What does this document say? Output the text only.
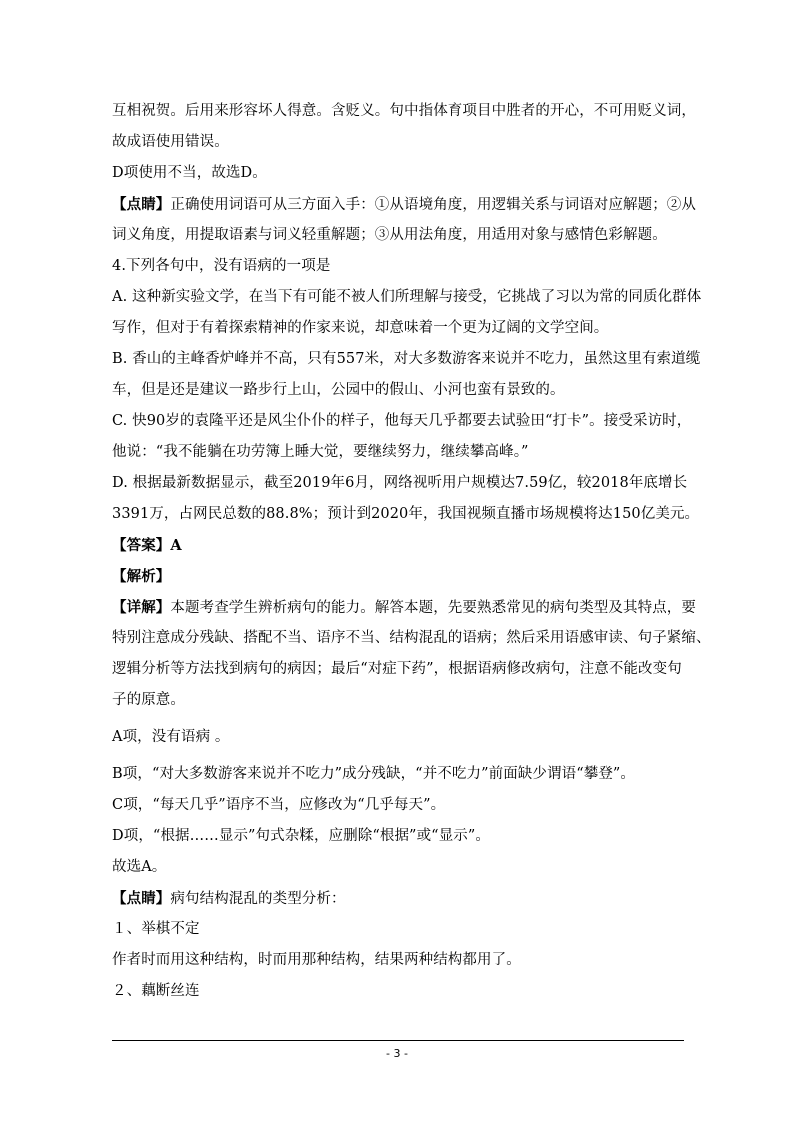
互相祝贺。后用来形容坏人得意。含贬义。句中指体育项目中胜者的开心，不可用贬义词，
故成语使用错误。
D项使用不当，故选D。
【点睛】正确使用词语可从三方面入手：①从语境角度，用逻辑关系与词语对应解题；②从
词义角度，用提取语素与词义轻重解题；③从用法角度，用适用对象与感情色彩解题。
4.下列各句中，没有语病的一项是
A. 这种新实验文学，在当下有可能不被人们所理解与接受，它挑战了习以为常的同质化群体
写作，但对于有着探索精神的作家来说，却意味着一个更为辽阔的文学空间。
B. 香山的主峰香炉峰并不高，只有557米，对大多数游客来说并不吃力，虽然这里有索道缆
车，但是还是建议一路步行上山，公园中的假山、小河也蛮有景致的。
C. 快90岁的袁隆平还是风尘仆仆的样子，他每天几乎都要去试验田“打卡”。接受采访时，
他说：“我不能躺在功劳簿上睡大觉，要继续努力，继续攀高峰。”
D. 根据最新数据显示，截至2019年6月，网络视听用户规模达7.59亿，较2018年底增长
3391万，占网民总数的88.8%；预计到2020年，我国视频直播市场规模将达150亿美元。
【答案】A
【解析】
【详解】本题考查学生辨析病句的能力。解答本题，先要熟悉常见的病句类型及其特点，要
特别注意成分残缺、搭配不当、语序不当、结构混乱的语病；然后采用语感审读、句子紧缩、
逻辑分析等方法找到病句的病因；最后“对症下药”，根据语病修改病句，注意不能改变句
子的原意。
A项，没有语病 。
B项，“对大多数游客来说并不吃力”成分残缺，“并不吃力”前面缺少谓语“攀登”。
C项，“每天几乎”语序不当，应修改为“几乎每天”。
D项，“根据……显示”句式杂糅，应删除“根据”或“显示”。
故选A。
【点睛】病句结构混乱的类型分析：
１、举棋不定
作者时而用这种结构，时而用那种结构，结果两种结构都用了。
２、藕断丝连
- 3 -
